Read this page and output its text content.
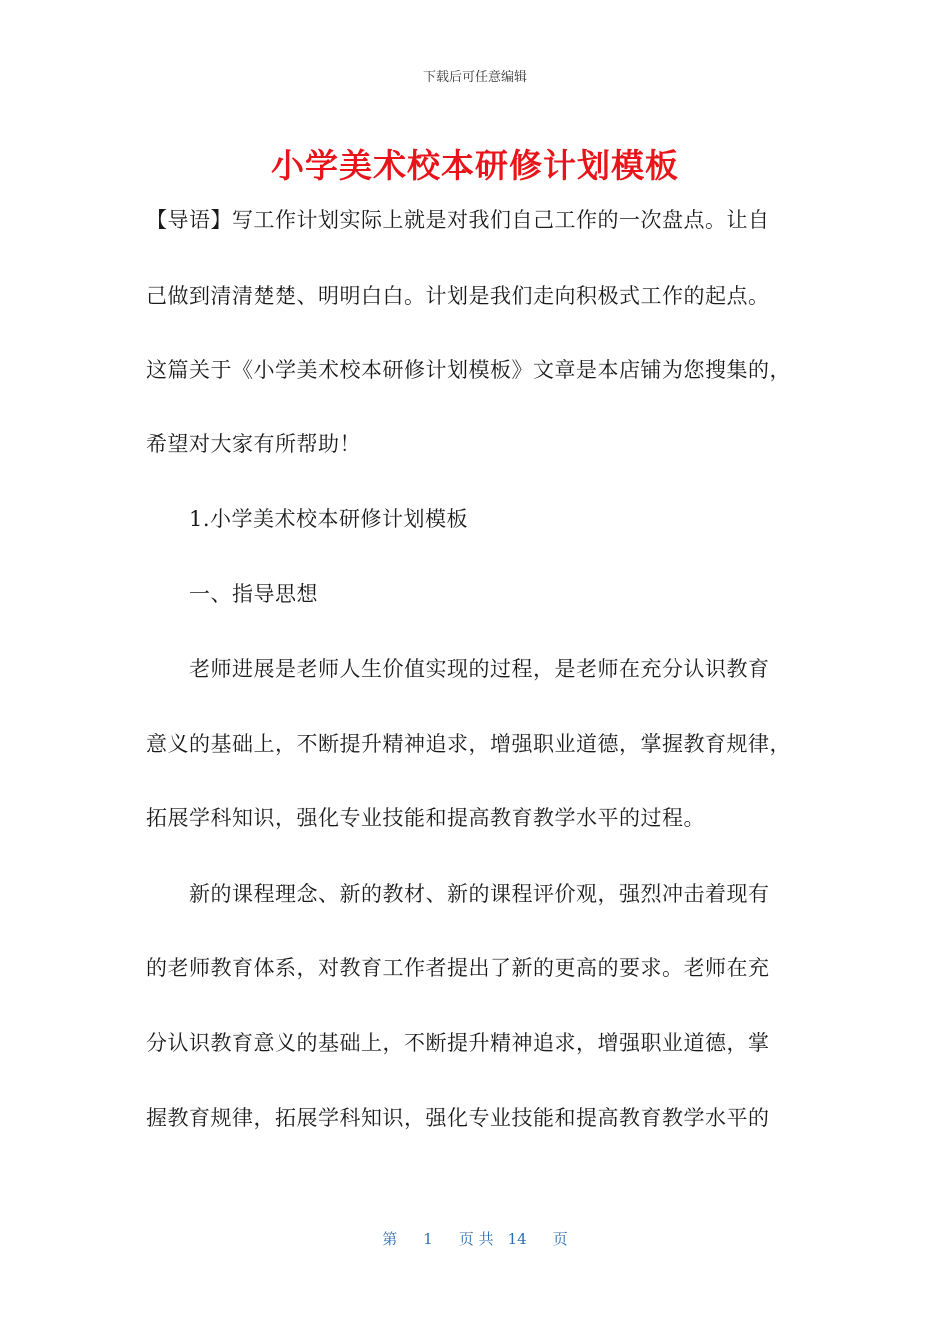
下载后可任意编辑
小学美术校本研修计划模板
【导语】写工作计划实际上就是对我们自己工作的一次盘点。让自
己做到清清楚楚、明明白白。计划是我们走向积极式工作的起点。
这篇关于《小学美术校本研修计划模板》文章是本店铺为您搜集的，
希望对大家有所帮助！
1.小学美术校本研修计划模板
一、指导思想
老师进展是老师人生价值实现的过程，是老师在充分认识教育
意义的基础上，不断提升精神追求，增强职业道德，掌握教育规律，
拓展学科知识，强化专业技能和提高教育教学水平的过程。
新的课程理念、新的教材、新的课程评价观，强烈冲击着现有
的老师教育体系，对教育工作者提出了新的更高的要求。老师在充
分认识教育意义的基础上，不断提升精神追求，增强职业道德，掌
握教育规律，拓展学科知识，强化专业技能和提高教育教学水平的
第 1 页 共 14 页
